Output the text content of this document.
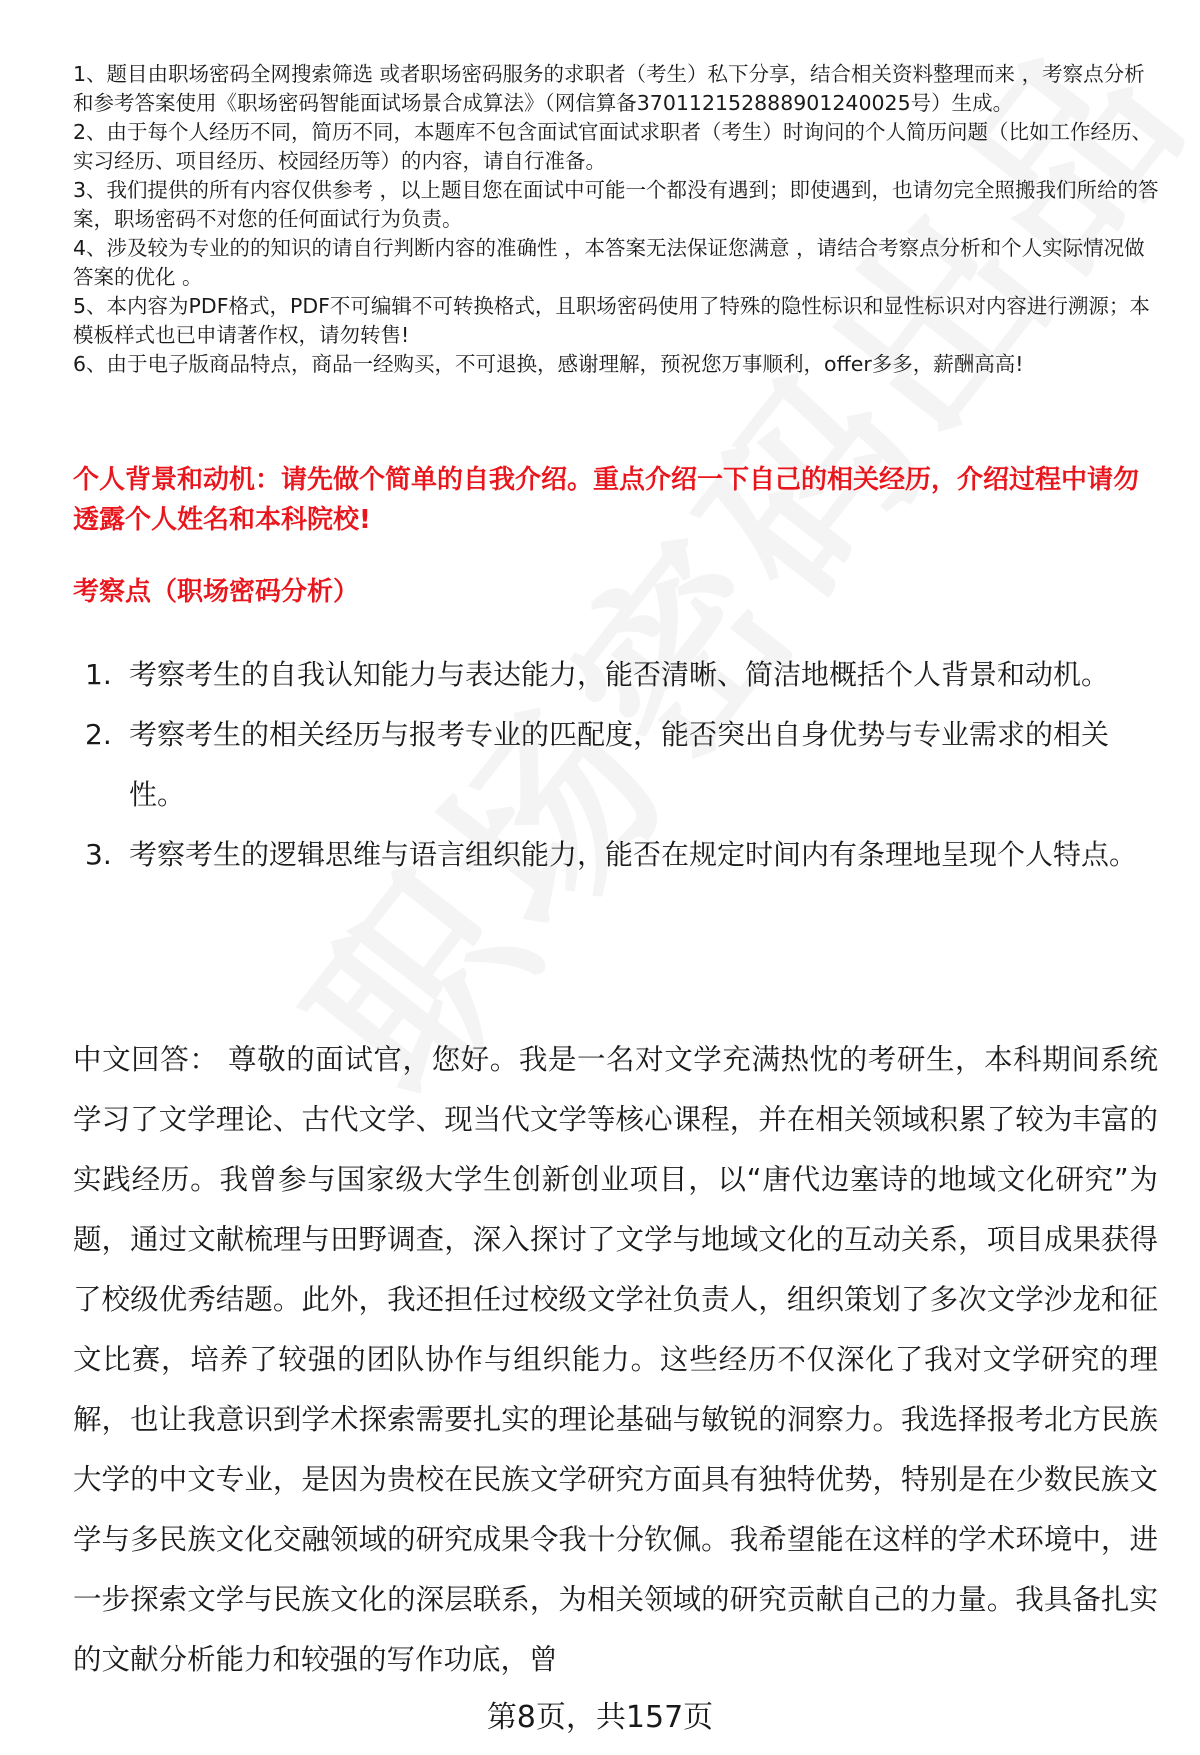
1、题目由职场密码全网搜索筛选 或者职场密码服务的求职者（考生）私下分享，结合相关资料整理而来 ，考察点分析和参考答案使用《职场密码智能面试场景合成算法》（网信算备3701121528889012400​25号）生成。

2、由于每个人经历不同，简历不同，本题库不包含面试官面试求职者（考生）时询问的个人简历问题（比如工作经历、实习经历、项目经历、校园经历等）的内容，请自行准备。

3、我们提供的所有内容仅供参考 ，以上题目您在面试中可能一个都没有遇到；即使遇到，也请勿完全照搬我们所给的答案，职场密码不对您的任何面试行为负责。

4、涉及较为专业的的知识的请自行判断内容的准确性 ，本答案无法保证您满意 ，请结合考察点分析和个人实际情况做答案的优化 。

5、本内容为PDF格式，PDF不可编辑不可转换格式，且职场密码使用了特殊的隐性标识和显性标识对内容进行溯源；本模板样式也已申请著作权，请勿转售!

6、由于电子版商品特点，商品一经购买，不可退换，感谢理解，预祝您万事顺利，offer多多，薪酬高高!

个人背景和动机：请先做个简单的自我介绍。重点介绍一下自己的相关经历，介绍过程中请勿透露个人姓名和本科院校!

考察点（职场密码分析）

1. 考察考生的自我认知能力与表达能力，能否清晰、简洁地概括个人背景和动机。
2. 考察考生的相关经历与报考专业的匹配度，能否突出自身优势与专业需求的相关性。
3. 考察考生的逻辑思维与语言组织能力，能否在规定时间内有条理地呈现个人特点。

中文回答： 尊敬的面试官，您好。我是一名对文学充满热忱的考研生，本科期间系统学习了文学理论、古代文学、现当代文学等核心课程，并在相关领域积累了较为丰富的实践经历。我曾参与国家级大学生创新创业项目，以“唐代边塞诗的地域文化研究”为题，通过文献梳理与田野调查，深入探讨了文学与地域文化的互动关系，项目成果获得了校级优秀结题。此外，我还担任过校级文学社负责人，组织策划了多次文学沙龙和征文比赛，培养了较强的团队协作与组织能力。这些经历不仅深化了我对文学研究的理解，也让我意识到学术探索需要扎实的理论基础与敏锐的洞察力。我选择报考北方民族大学的中文专业，是因为贵校在民族文学研究方面具有独特优势，特别是在少数民族文学与多民族文化交融领域的研究成果令我十分钦佩。我希望能在这样的学术环境中，进一步探索文学与民族文化的深层联系，为相关领域的研究贡献自己的力量。我具备扎实的文献分析能力和较强的写作功底，曾

第8页，共157页
